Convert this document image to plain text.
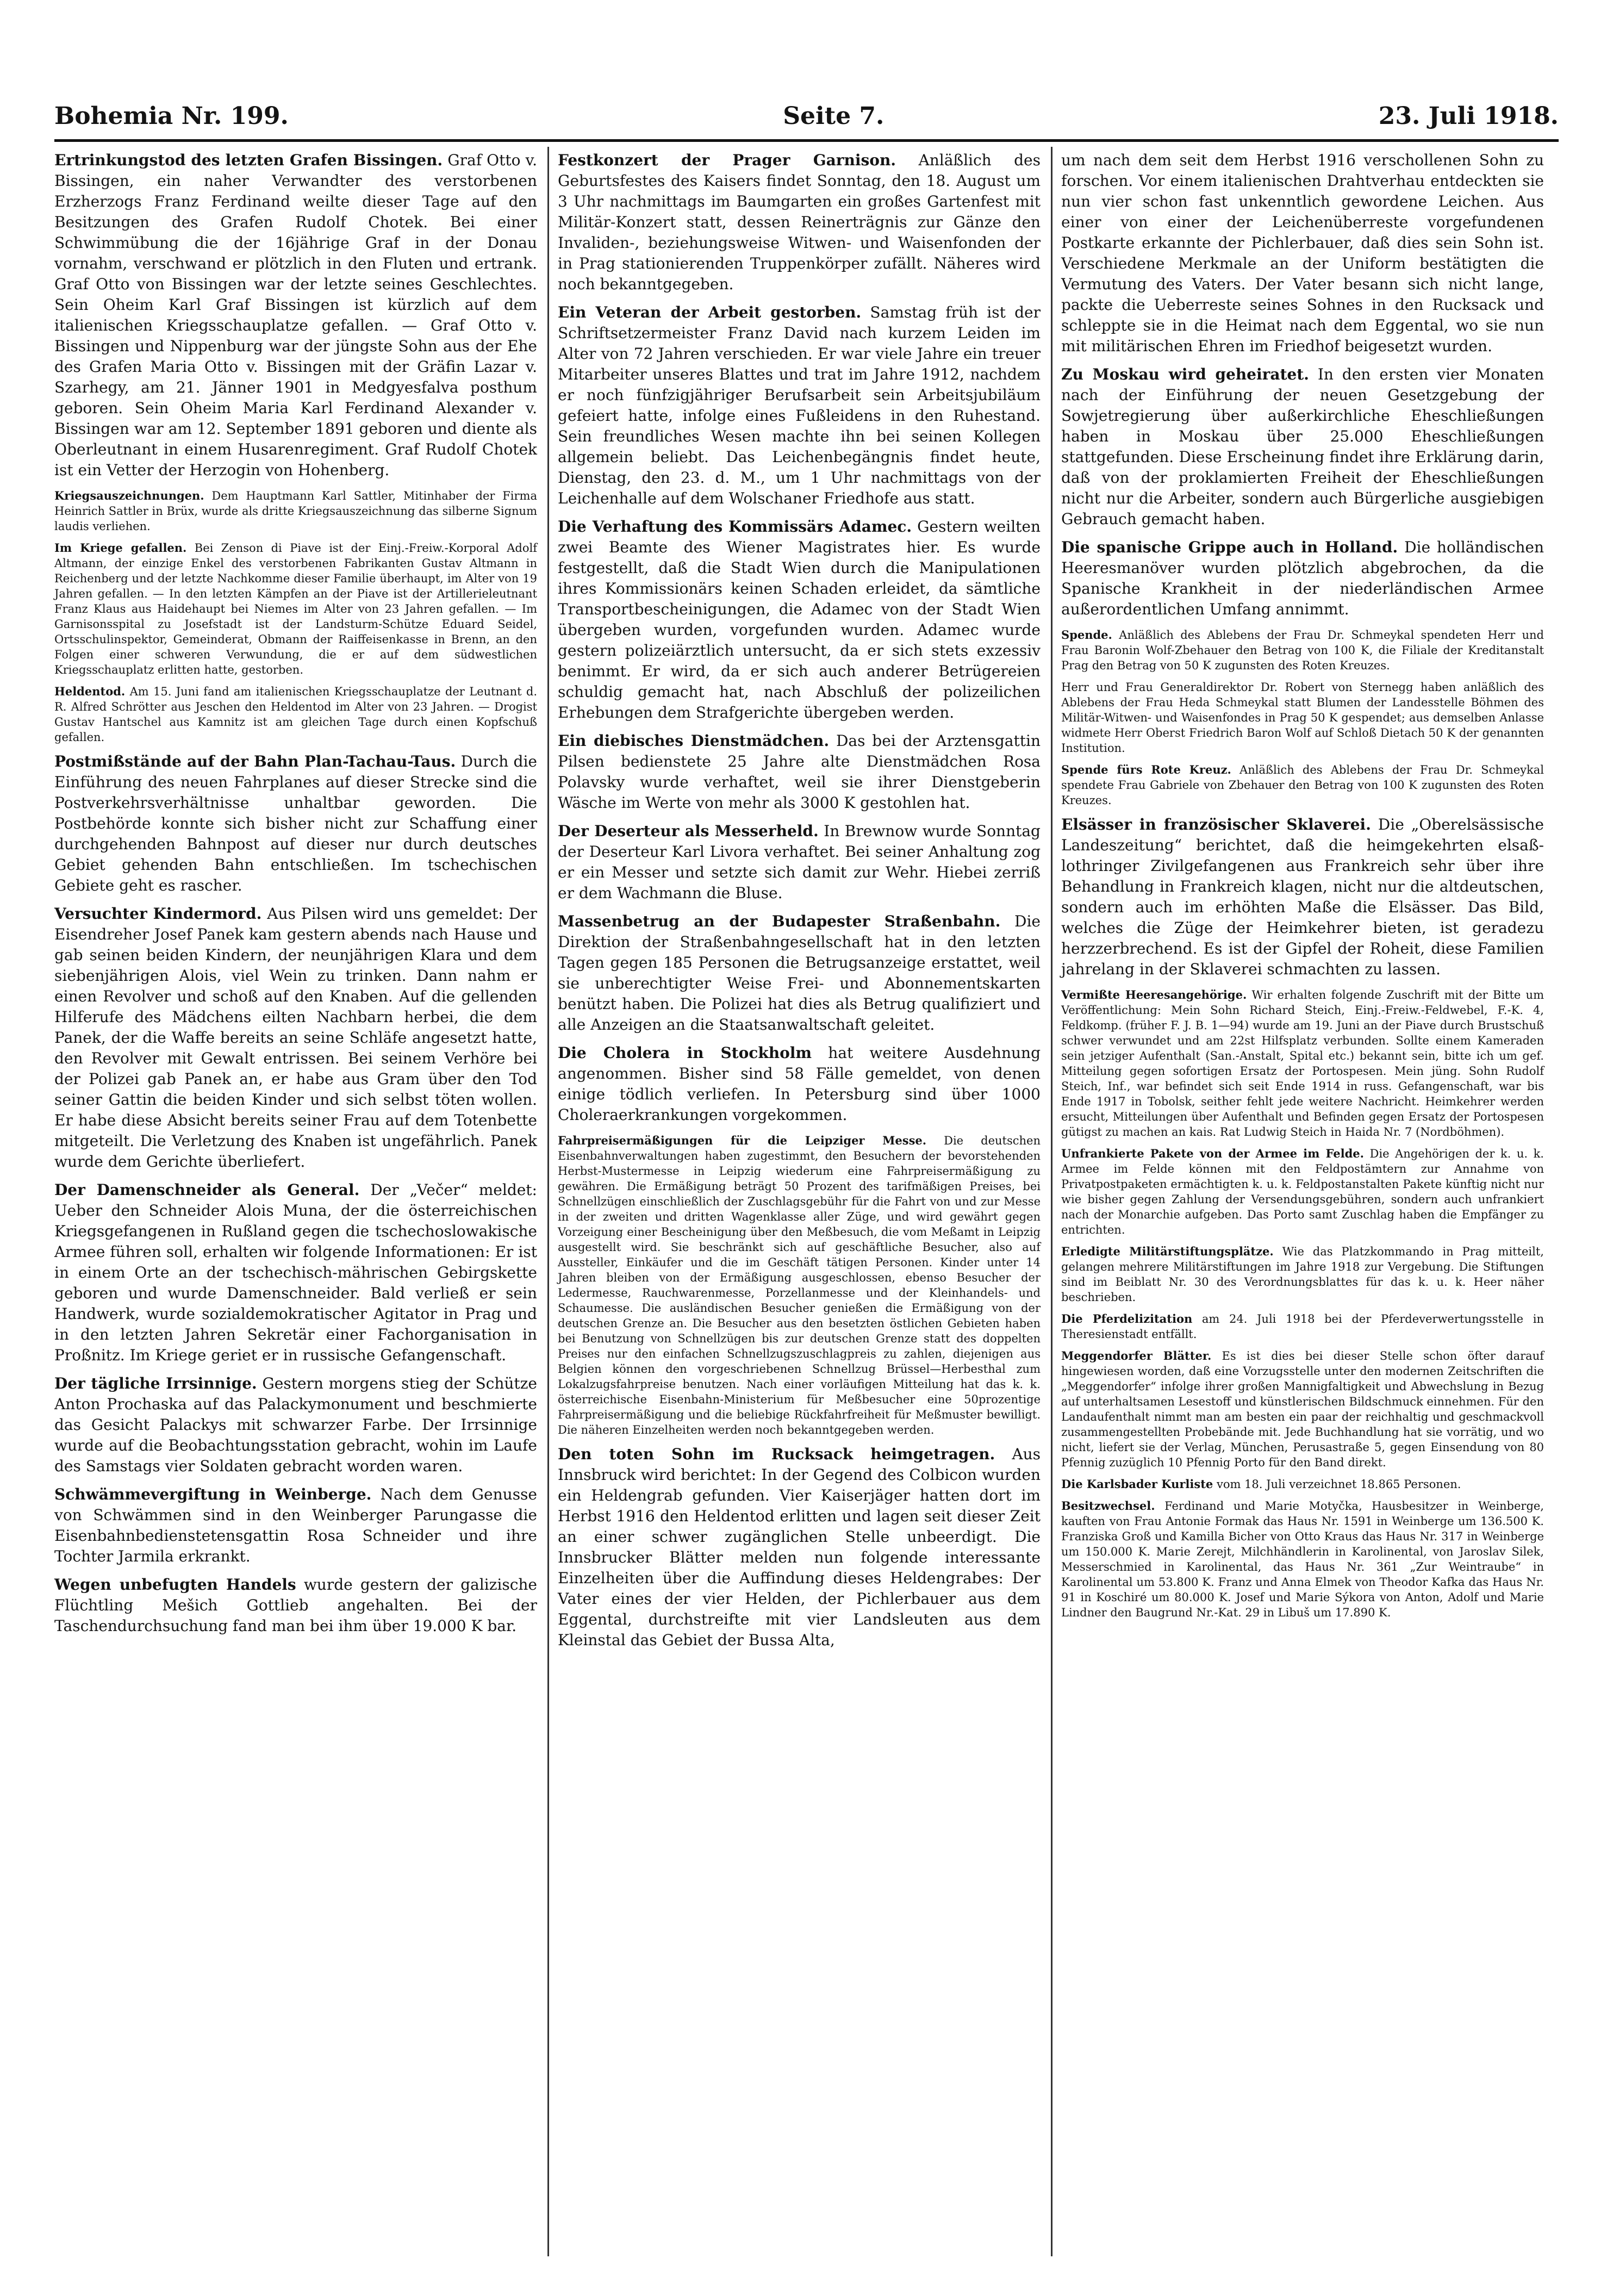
Bohemia Nr. 199.	Seite 7.	23. Juli 1918.

Ertrinkungstod des letzten Grafen Bissingen. Graf Otto v. Bissingen, ein naher Verwandter des verstorbenen Erzherzogs Franz Ferdinand weilte dieser Tage auf den Besitzungen des Grafen Rudolf Chotek. Bei einer Schwimmübung die der 16jährige Graf in der Donau vornahm, verschwand er plötzlich in den Fluten und ertrank. Graf Otto von Bissingen war der letzte seines Geschlechtes. Sein Oheim Karl Graf Bissingen ist kürzlich auf dem italienischen Kriegsschauplatze gefallen. — Graf Otto v. Bissingen und Nippenburg war der jüngste Sohn aus der Ehe des Grafen Maria Otto v. Bissingen mit der Gräfin Lazar v. Szarhegy, am 21. Jänner 1901 in Medgyesfalva posthum geboren. Sein Oheim Maria Karl Ferdinand Alexander v. Bissingen war am 12. September 1891 geboren und diente als Oberleutnant in einem Husarenregiment. Graf Rudolf Chotek ist ein Vetter der Herzogin von Hohenberg.

Kriegsauszeichnungen. Dem Hauptmann Karl Sattler, Mitinhaber der Firma Heinrich Sattler in Brüx, wurde als dritte Kriegsauszeichnung das silberne Signum laudis verliehen.

Im Kriege gefallen. Bei Zenson di Piave ist der Einj.-Freiw.-Korporal Adolf Altmann, der einzige Enkel des verstorbenen Fabrikanten Gustav Altmann in Reichenberg und der letzte Nachkomme dieser Familie überhaupt, im Alter von 19 Jahren gefallen. — In den letzten Kämpfen an der Piave ist der Artillerieleutnant Franz Klaus aus Haidehaupt bei Niemes im Alter von 23 Jahren gefallen. — Im Garnisonsspital zu Josefstadt ist der Landsturm-Schütze Eduard Seidel, Ortsschulinspektor, Gemeinderat, Obmann der Raiffeisenkasse in Brenn, an den Folgen einer schweren Verwundung, die er auf dem südwestlichen Kriegsschauplatz erlitten hatte, gestorben.

Heldentod. Am 15. Juni fand am italienischen Kriegsschauplatze der Leutnant d. R. Alfred Schrötter aus Jeschen den Heldentod im Alter von 23 Jahren. — Drogist Gustav Hantschel aus Kamnitz ist am gleichen Tage durch einen Kopfschuß gefallen.

Postmißstände auf der Bahn Plan-Tachau-Taus. Durch die Einführung des neuen Fahrplanes auf dieser Strecke sind die Postverkehrsverhältnisse unhaltbar geworden. Die Postbehörde konnte sich bisher nicht zur Schaffung einer durchgehenden Bahnpost auf dieser nur durch deutsches Gebiet gehenden Bahn entschließen. Im tschechischen Gebiete geht es rascher.

Versuchter Kindermord. Aus Pilsen wird uns gemeldet: Der Eisendreher Josef Panek kam gestern abends nach Hause und gab seinen beiden Kindern, der neunjährigen Klara und dem siebenjährigen Alois, viel Wein zu trinken. Dann nahm er einen Revolver und schoß auf den Knaben. Auf die gellenden Hilferufe des Mädchens eilten Nachbarn herbei, die dem Panek, der die Waffe bereits an seine Schläfe angesetzt hatte, den Revolver mit Gewalt entrissen. Bei seinem Verhöre bei der Polizei gab Panek an, er habe aus Gram über den Tod seiner Gattin die beiden Kinder und sich selbst töten wollen. Er habe diese Absicht bereits seiner Frau auf dem Totenbette mitgeteilt. Die Verletzung des Knaben ist ungefährlich. Panek wurde dem Gerichte überliefert.

Der Damenschneider als General. Der „Večer“ meldet: Ueber den Schneider Alois Muna, der die österreichischen Kriegsgefangenen in Rußland gegen die tschechoslowakische Armee führen soll, erhalten wir folgende Informationen: Er ist in einem Orte an der tschechisch-mährischen Gebirgskette geboren und wurde Damenschneider. Bald verließ er sein Handwerk, wurde sozialdemokratischer Agitator in Prag und in den letzten Jahren Sekretär einer Fachorganisation in Proßnitz. Im Kriege geriet er in russische Gefangenschaft.

Der tägliche Irrsinnige. Gestern morgens stieg der Schütze Anton Prochaska auf das Palackymonument und beschmierte das Gesicht Palackys mit schwarzer Farbe. Der Irrsinnige wurde auf die Beobachtungsstation gebracht, wohin im Laufe des Samstags vier Soldaten gebracht worden waren.

Schwämmevergiftung in Weinberge. Nach dem Genusse von Schwämmen sind in den Weinberger Parungasse die Eisenbahnbedienstetensgattin Rosa Schneider und ihre Tochter Jarmila erkrankt.

Wegen unbefugten Handels wurde gestern der galizische Flüchtling Mešich Gottlieb angehalten. Bei der Taschendurchsuchung fand man bei ihm über 19.000 K bar.

Festkonzert der Prager Garnison. Anläßlich des Geburtsfestes des Kaisers findet Sonntag, den 18. August um 3 Uhr nachmittags im Baumgarten ein großes Gartenfest mit Militär-Konzert statt, dessen Reinerträgnis zur Gänze den Invaliden-, beziehungsweise Witwen- und Waisenfonden der in Prag stationierenden Truppenkörper zufällt. Näheres wird noch bekanntgegeben.

Ein Veteran der Arbeit gestorben. Samstag früh ist der Schriftsetzermeister Franz David nach kurzem Leiden im Alter von 72 Jahren verschieden. Er war viele Jahre ein treuer Mitarbeiter unseres Blattes und trat im Jahre 1912, nachdem er noch fünfzigjähriger Berufsarbeit sein Arbeitsjubiläum gefeiert hatte, infolge eines Fußleidens in den Ruhestand. Sein freundliches Wesen machte ihn bei seinen Kollegen allgemein beliebt. Das Leichenbegängnis findet heute, Dienstag, den 23. d. M., um 1 Uhr nachmittags von der Leichenhalle auf dem Wolschaner Friedhofe aus statt.

Die Verhaftung des Kommissärs Adamec. Gestern weilten zwei Beamte des Wiener Magistrates hier. Es wurde festgestellt, daß die Stadt Wien durch die Manipulationen ihres Kommissionärs keinen Schaden erleidet, da sämtliche Transportbescheinigungen, die Adamec von der Stadt Wien übergeben wurden, vorgefunden wurden. Adamec wurde gestern polizeiärztlich untersucht, da er sich stets exzessiv benimmt. Er wird, da er sich auch anderer Betrügereien schuldig gemacht hat, nach Abschluß der polizeilichen Erhebungen dem Strafgerichte übergeben werden.

Ein diebisches Dienstmädchen. Das bei der Arztensgattin Pilsen bedienstete 25 Jahre alte Dienstmädchen Rosa Polavsky wurde verhaftet, weil sie ihrer Dienstgeberin Wäsche im Werte von mehr als 3000 K gestohlen hat.

Der Deserteur als Messerheld. In Brewnow wurde Sonntag der Deserteur Karl Livora verhaftet. Bei seiner Anhaltung zog er ein Messer und setzte sich damit zur Wehr. Hiebei zerriß er dem Wachmann die Bluse.

Massenbetrug an der Budapester Straßenbahn. Die Direktion der Straßenbahngesellschaft hat in den letzten Tagen gegen 185 Personen die Betrugsanzeige erstattet, weil sie unberechtigter Weise Frei- und Abonnementskarten benützt haben. Die Polizei hat dies als Betrug qualifiziert und alle Anzeigen an die Staatsanwaltschaft geleitet.

Die Cholera in Stockholm hat weitere Ausdehnung angenommen. Bisher sind 58 Fälle gemeldet, von denen einige tödlich verliefen. In Petersburg sind über 1000 Choleraerkrankungen vorgekommen.

Fahrpreisermäßigungen für die Leipziger Messe. Die deutschen Eisenbahnverwaltungen haben zugestimmt, den Besuchern der bevorstehenden Herbst-Mustermesse in Leipzig wiederum eine Fahrpreisermäßigung zu gewähren. Die Ermäßigung beträgt 50 Prozent des tarifmäßigen Preises, bei Schnellzügen einschließlich der Zuschlagsgebühr für die Fahrt von und zur Messe in der zweiten und dritten Wagenklasse aller Züge, und wird gewährt gegen Vorzeigung einer Bescheinigung über den Meßbesuch, die vom Meßamt in Leipzig ausgestellt wird. Sie beschränkt sich auf geschäftliche Besucher, also auf Aussteller, Einkäufer und die im Geschäft tätigen Personen. Kinder unter 14 Jahren bleiben von der Ermäßigung ausgeschlossen, ebenso Besucher der Ledermesse, Rauchwarenmesse, Porzellanmesse und der Kleinhandels- und Schaumesse. Die ausländischen Besucher genießen die Ermäßigung von der deutschen Grenze an. Die Besucher aus den besetzten östlichen Gebieten haben bei Benutzung von Schnellzügen bis zur deutschen Grenze statt des doppelten Preises nur den einfachen Schnellzugszuschlagpreis zu zahlen, diejenigen aus Belgien können den vorgeschriebenen Schnellzug Brüssel—Herbesthal zum Lokalzugsfahrpreise benutzen. Nach einer vorläufigen Mitteilung hat das k. k. österreichische Eisenbahn-Ministerium für Meßbesucher eine 50prozentige Fahrpreisermäßigung und die beliebige Rückfahrfreiheit für Meßmuster bewilligt. Die näheren Einzelheiten werden noch bekanntgegeben werden.

Den toten Sohn im Rucksack heimgetragen. Aus Innsbruck wird berichtet: In der Gegend des Colbicon wurden ein Heldengrab gefunden. Vier Kaiserjäger hatten dort im Herbst 1916 den Heldentod erlitten und lagen seit dieser Zeit an einer schwer zugänglichen Stelle unbeerdigt. Die Innsbrucker Blätter melden nun folgende interessante Einzelheiten über die Auffindung dieses Heldengrabes: Der Vater eines der vier Helden, der Pichlerbauer aus dem Eggental, durchstreifte mit vier Landsleuten aus dem Kleinstal das Gebiet der Bussa Alta,

um nach dem seit dem Herbst 1916 verschollenen Sohn zu forschen. Vor einem italienischen Drahtverhau entdeckten sie nun vier schon fast unkenntlich gewordene Leichen. Aus einer von einer der Leichenüberreste vorgefundenen Postkarte erkannte der Pichlerbauer, daß dies sein Sohn ist. Verschiedene Merkmale an der Uniform bestätigten die Vermutung des Vaters. Der Vater besann sich nicht lange, packte die Ueberreste seines Sohnes in den Rucksack und schleppte sie in die Heimat nach dem Eggental, wo sie nun mit militärischen Ehren im Friedhof beigesetzt wurden.

Zu Moskau wird geheiratet. In den ersten vier Monaten nach der Einführung der neuen Gesetzgebung der Sowjetregierung über außerkirchliche Eheschließungen haben in Moskau über 25.000 Eheschließungen stattgefunden. Diese Erscheinung findet ihre Erklärung darin, daß von der proklamierten Freiheit der Eheschließungen nicht nur die Arbeiter, sondern auch Bürgerliche ausgiebigen Gebrauch gemacht haben.

Die spanische Grippe auch in Holland. Die holländischen Heeresmanöver wurden plötzlich abgebrochen, da die Spanische Krankheit in der niederländischen Armee außerordentlichen Umfang annimmt.

Spende. Anläßlich des Ablebens der Frau Dr. Schmeykal spendeten Herr und Frau Baronin Wolf-Zbehauer den Betrag von 100 K, die Filiale der Kreditanstalt Prag den Betrag von 50 K zugunsten des Roten Kreuzes.

Herr und Frau Generaldirektor Dr. Robert von Sternegg haben anläßlich des Ablebens der Frau Heda Schmeykal statt Blumen der Landesstelle Böhmen des Militär-Witwen- und Waisenfondes in Prag 50 K gespendet; aus demselben Anlasse widmete Herr Oberst Friedrich Baron Wolf auf Schloß Dietach 50 K der genannten Institution.

Spende fürs Rote Kreuz. Anläßlich des Ablebens der Frau Dr. Schmeykal spendete Frau Gabriele von Zbehauer den Betrag von 100 K zugunsten des Roten Kreuzes.

Elsässer in französischer Sklaverei. Die „Oberelsässische Landeszeitung“ berichtet, daß die heimgekehrten elsaß-lothringer Zivilgefangenen aus Frankreich sehr über ihre Behandlung in Frankreich klagen, nicht nur die altdeutschen, sondern auch im erhöhten Maße die Elsässer. Das Bild, welches die Züge der Heimkehrer bieten, ist geradezu herzzerbrechend. Es ist der Gipfel der Roheit, diese Familien jahrelang in der Sklaverei schmachten zu lassen.

Vermißte Heeresangehörige. Wir erhalten folgende Zuschrift mit der Bitte um Veröffentlichung: Mein Sohn Richard Steich, Einj.-Freiw.-Feldwebel, F.-K. 4, Feldkomp. (früher F. J. B. 1—94) wurde am 19. Juni an der Piave durch Brustschuß schwer verwundet und am 22st Hilfsplatz verbunden. Sollte einem Kameraden sein jetziger Aufenthalt (San.-Anstalt, Spital etc.) bekannt sein, bitte ich um gef. Mitteilung gegen sofortigen Ersatz der Portospesen. Mein jüng. Sohn Rudolf Steich, Inf., war befindet sich seit Ende 1914 in russ. Gefangenschaft, war bis Ende 1917 in Tobolsk, seither fehlt jede weitere Nachricht. Heimkehrer werden ersucht, Mitteilungen über Aufenthalt und Befinden gegen Ersatz der Portospesen gütigst zu machen an kais. Rat Ludwig Steich in Haida Nr. 7 (Nordböhmen).

Unfrankierte Pakete von der Armee im Felde. Die Angehörigen der k. u. k. Armee im Felde können mit den Feldpostämtern zur Annahme von Privatpostpaketen ermächtigten k. u. k. Feldpostanstalten Pakete künftig nicht nur wie bisher gegen Zahlung der Versendungsgebühren, sondern auch unfrankiert nach der Monarchie aufgeben. Das Porto samt Zuschlag haben die Empfänger zu entrichten.

Erledigte Militärstiftungsplätze. Wie das Platzkommando in Prag mitteilt, gelangen mehrere Militärstiftungen im Jahre 1918 zur Vergebung. Die Stiftungen sind im Beiblatt Nr. 30 des Verordnungsblattes für das k. u. k. Heer näher beschrieben.

Die Pferdelizitation am 24. Juli 1918 bei der Pferdeverwertungsstelle in Theresienstadt entfällt.

Meggendorfer Blätter. Es ist dies bei dieser Stelle schon öfter darauf hingewiesen worden, daß eine Vorzugsstelle unter den modernen Zeitschriften die „Meggendorfer“ infolge ihrer großen Mannigfaltigkeit und Abwechslung in Bezug auf unterhaltsamen Lesestoff und künstlerischen Bildschmuck einnehmen. Für den Landaufenthalt nimmt man am besten ein paar der reichhaltig und geschmackvoll zusammengestellten Probebände mit. Jede Buchhandlung hat sie vorrätig, und wo nicht, liefert sie der Verlag, München, Perusastraße 5, gegen Einsendung von 80 Pfennig zuzüglich 10 Pfennig Porto für den Band direkt.

Die Karlsbader Kurliste vom 18. Juli verzeichnet 18.865 Personen.

Besitzwechsel. Ferdinand und Marie Motyčka, Hausbesitzer in Weinberge, kauften von Frau Antonie Formak das Haus Nr. 1591 in Weinberge um 136.500 K. Franziska Groß und Kamilla Bicher von Otto Kraus das Haus Nr. 317 in Weinberge um 150.000 K. Marie Zerejt, Milchhändlerin in Karolinental, von Jaroslav Silek, Messerschmied in Karolinental, das Haus Nr. 361 „Zur Weintraube“ in Karolinental um 53.800 K. Franz und Anna Elmek von Theodor Kafka das Haus Nr. 91 in Koschiré um 80.000 K. Josef und Marie Sýkora von Anton, Adolf und Marie Lindner den Baugrund Nr.-Kat. 29 in Libuš um 17.890 K.
